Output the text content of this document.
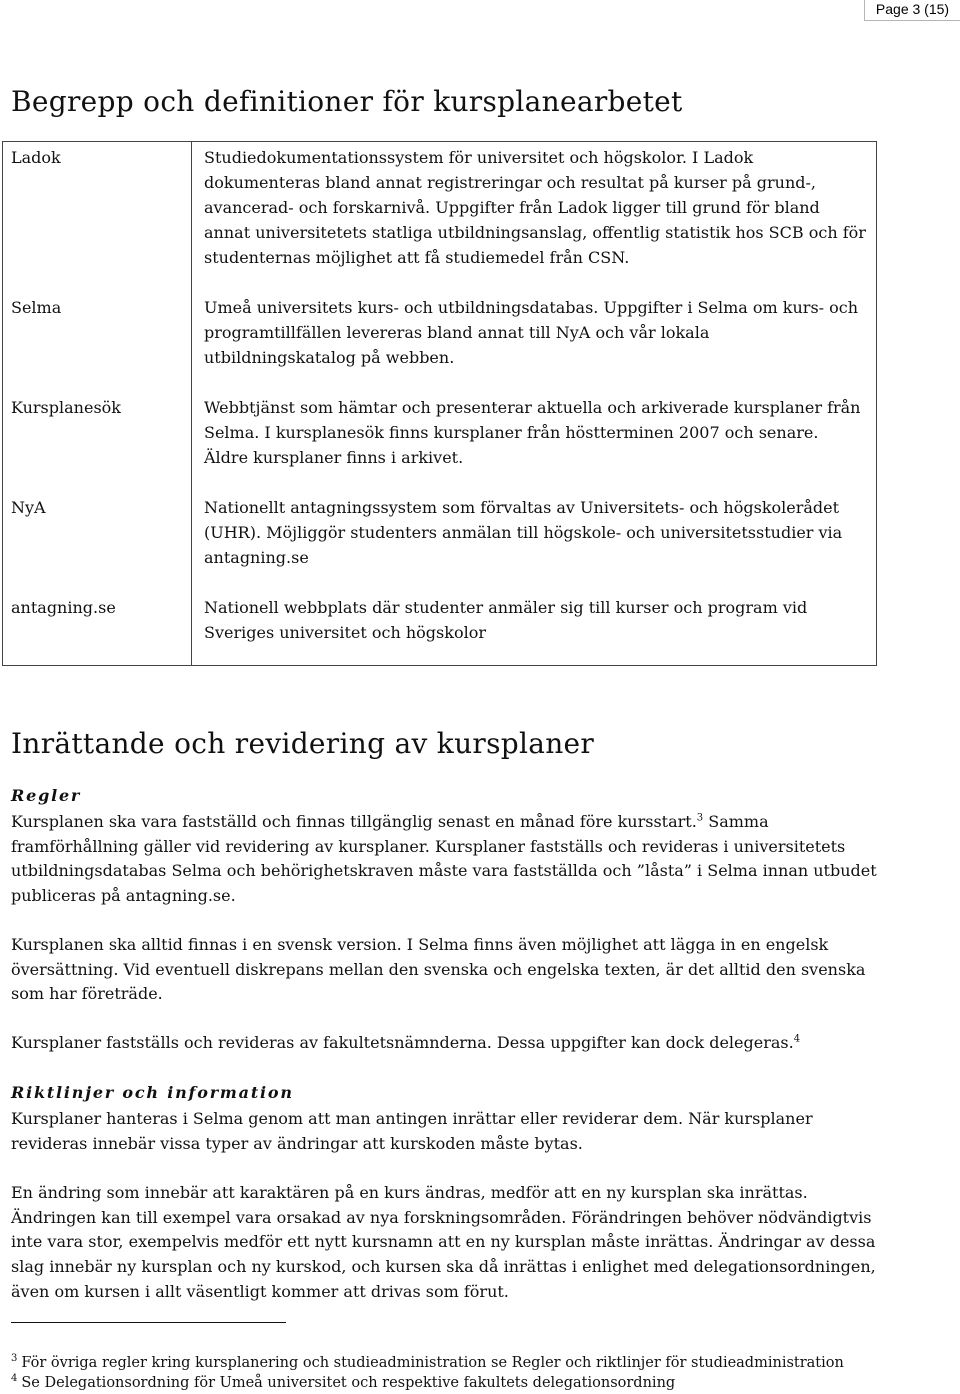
Page 3 (15)
Begrepp och definitioner för kursplanearbetet
Ladok	Studiedokumentationssystem för universitet och högskolor. I Ladok dokumenteras bland annat registreringar och resultat på kurser på grund-, avancerad- och forskarnivå. Uppgifter från Ladok ligger till grund för bland annat universitetets statliga utbildningsanslag, offentlig statistik hos SCB och för studenternas möjlighet att få studiemedel från CSN.

Selma	Umeå universitets kurs- och utbildningsdatabas. Uppgifter i Selma om kurs- och programtillfällen levereras bland annat till NyA och vår lokala utbildningskatalog på webben.

Kursplanesök	Webbtjänst som hämtar och presenterar aktuella och arkiverade kursplaner från Selma. I kursplanesök finns kursplaner från höstterminen 2007 och senare. Äldre kursplaner finns i arkivet.

NyA	Nationellt antagningssystem som förvaltas av Universitets- och högskolerådet (UHR). Möjliggör studenters anmälan till högskole- och universitetsstudier via antagning.se

antagning.se	Nationell webbplats där studenter anmäler sig till kurser och program vid Sveriges universitet och högskolor
Inrättande och revidering av kursplaner
Regler

Kursplanen ska vara fastställd och finnas tillgänglig senast en månad före kursstart.$^3$ Samma framförhållning gäller vid revidering av kursplaner. Kursplaner fastställs och revideras i universitetets utbildningsdatabas Selma och behörighetskraven måste vara fastställda och ”låsta” i Selma innan utbudet publiceras på antagning.se.

Kursplanen ska alltid finnas i en svensk version. I Selma finns även möjlighet att lägga in en engelsk översättning. Vid eventuell diskrepans mellan den svenska och engelska texten, är det alltid den svenska som har företräde.

Kursplaner fastställs och revideras av fakultetsnämnderna. Dessa uppgifter kan dock delegeras.$^4$

Riktlinjer och information

Kursplaner hanteras i Selma genom att man antingen inrättar eller reviderar dem. När kursplaner revideras innebär vissa typer av ändringar att kurskoden måste bytas.

En ändring som innebär att karaktären på en kurs ändras, medför att en ny kursplan ska inrättas. Ändringen kan till exempel vara orsakad av nya forskningsområden. Förändringen behöver nödvändigtvis inte vara stor, exempelvis medför ett nytt kursnamn att en ny kursplan måste inrättas. Ändringar av dessa slag innebär ny kursplan och ny kurskod, och kursen ska då inrättas i enlighet med delegationsordningen, även om kursen i allt väsentligt kommer att drivas som förut.

$^3$ För övriga regler kring kursplanering och studieadministration se Regler och riktlinjer för studieadministration

$^4$ Se Delegationsordning för Umeå universitet och respektive fakultets delegationsordning
